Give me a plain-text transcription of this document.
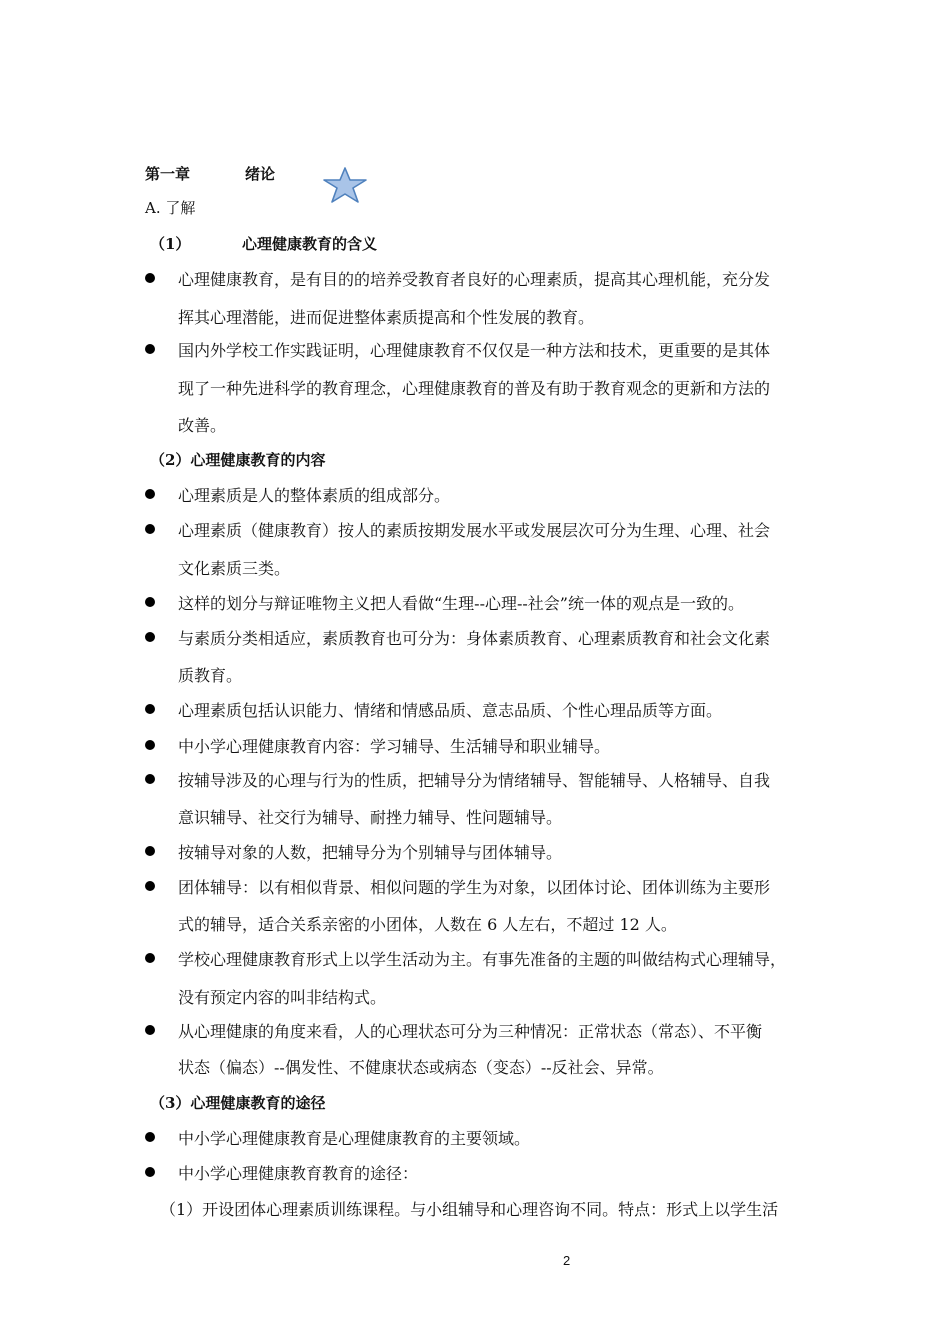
第一章	绪论
A. 了解
（1）	心理健康教育的含义
心理健康教育，是有目的的培养受教育者良好的心理素质，提高其心理机能，充分发
挥其心理潜能，进而促进整体素质提高和个性发展的教育。
国内外学校工作实践证明，心理健康教育不仅仅是一种方法和技术，更重要的是其体
现了一种先进科学的教育理念，心理健康教育的普及有助于教育观念的更新和方法的
改善。
（2）心理健康教育的内容
心理素质是人的整体素质的组成部分。
心理素质（健康教育）按人的素质按期发展水平或发展层次可分为生理、心理、社会
文化素质三类。
这样的划分与辩证唯物主义把人看做“生理--心理--社会”统一体的观点是一致的。
与素质分类相适应，素质教育也可分为：身体素质教育、心理素质教育和社会文化素
质教育。
心理素质包括认识能力、情绪和情感品质、意志品质、个性心理品质等方面。
中小学心理健康教育内容：学习辅导、生活辅导和职业辅导。
按辅导涉及的心理与行为的性质，把辅导分为情绪辅导、智能辅导、人格辅导、自我
意识辅导、社交行为辅导、耐挫力辅导、性问题辅导。
按辅导对象的人数，把辅导分为个别辅导与团体辅导。
团体辅导：以有相似背景、相似问题的学生为对象，以团体讨论、团体训练为主要形
式的辅导，适合关系亲密的小团体，人数在 6 人左右，不超过 12 人。
学校心理健康教育形式上以学生活动为主。有事先准备的主题的叫做结构式心理辅导，
没有预定内容的叫非结构式。
从心理健康的角度来看，人的心理状态可分为三种情况：正常状态（常态）、不平衡
状态（偏态）--偶发性、不健康状态或病态（变态）--反社会、异常。
（3）心理健康教育的途径
中小学心理健康教育是心理健康教育的主要领域。
中小学心理健康教育教育的途径：
（1）开设团体心理素质训练课程。与小组辅导和心理咨询不同。特点：形式上以学生活
2
